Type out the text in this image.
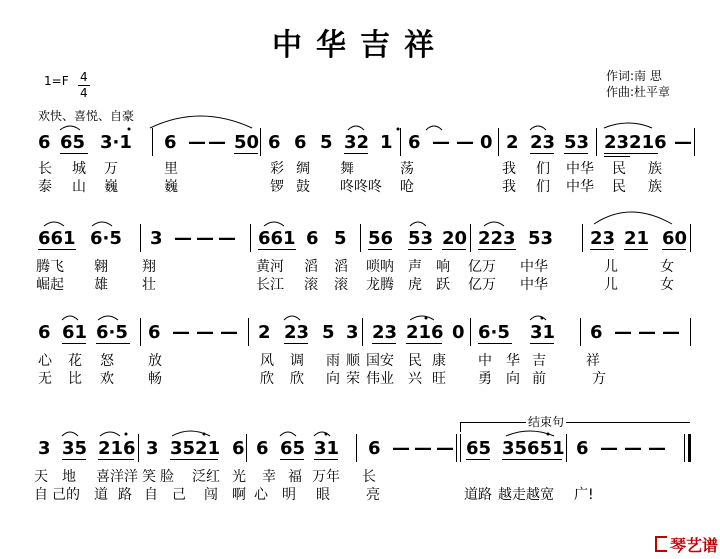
中华吉祥
1=F 4
4
欢快、喜悦、自豪
作词:南 思
作曲:杜平章
6 65 3·1 6 — — 50 6 6 5 32 1 6 — — 0 2 23 53 23216 —
长 城 万	里	彩 绸 舞	荡	我 们 中华 民 族
泰 山 巍	巍	锣 鼓 咚咚咚 呛	我 们 中华 民 族
661 6·5 3 — — — 661 6 5 56 53 20 223 53 23 21 60
腾飞 翱 翔	黄河 滔 滔 唢呐 声 响 亿万 中华	儿	女
崛起 雄 壮	长江 滚 滚 龙腾 虎 跃 亿万 中华	儿	女
6 61 6·5 6 — — — 2 23 5 3 23 216 0 6·5 31 6 — — —
心 花 怒 放	风 调 雨 顺 国安 民 康 中 华 吉	祥
无 比 欢 畅	欣 欣 向 荣 伟业 兴 旺 勇 向 前	方
结束句
3 35 216 3 3521 6 6 65 31 6 — — — 65 35651 6 — — —
天 地 喜洋洋 笑 脸 泛红 光 幸 福 万年 长
自 己的 道 路 自 己 闯 啊 心 明 眼	亮	道路 越走越宽 广!
琴艺谱
